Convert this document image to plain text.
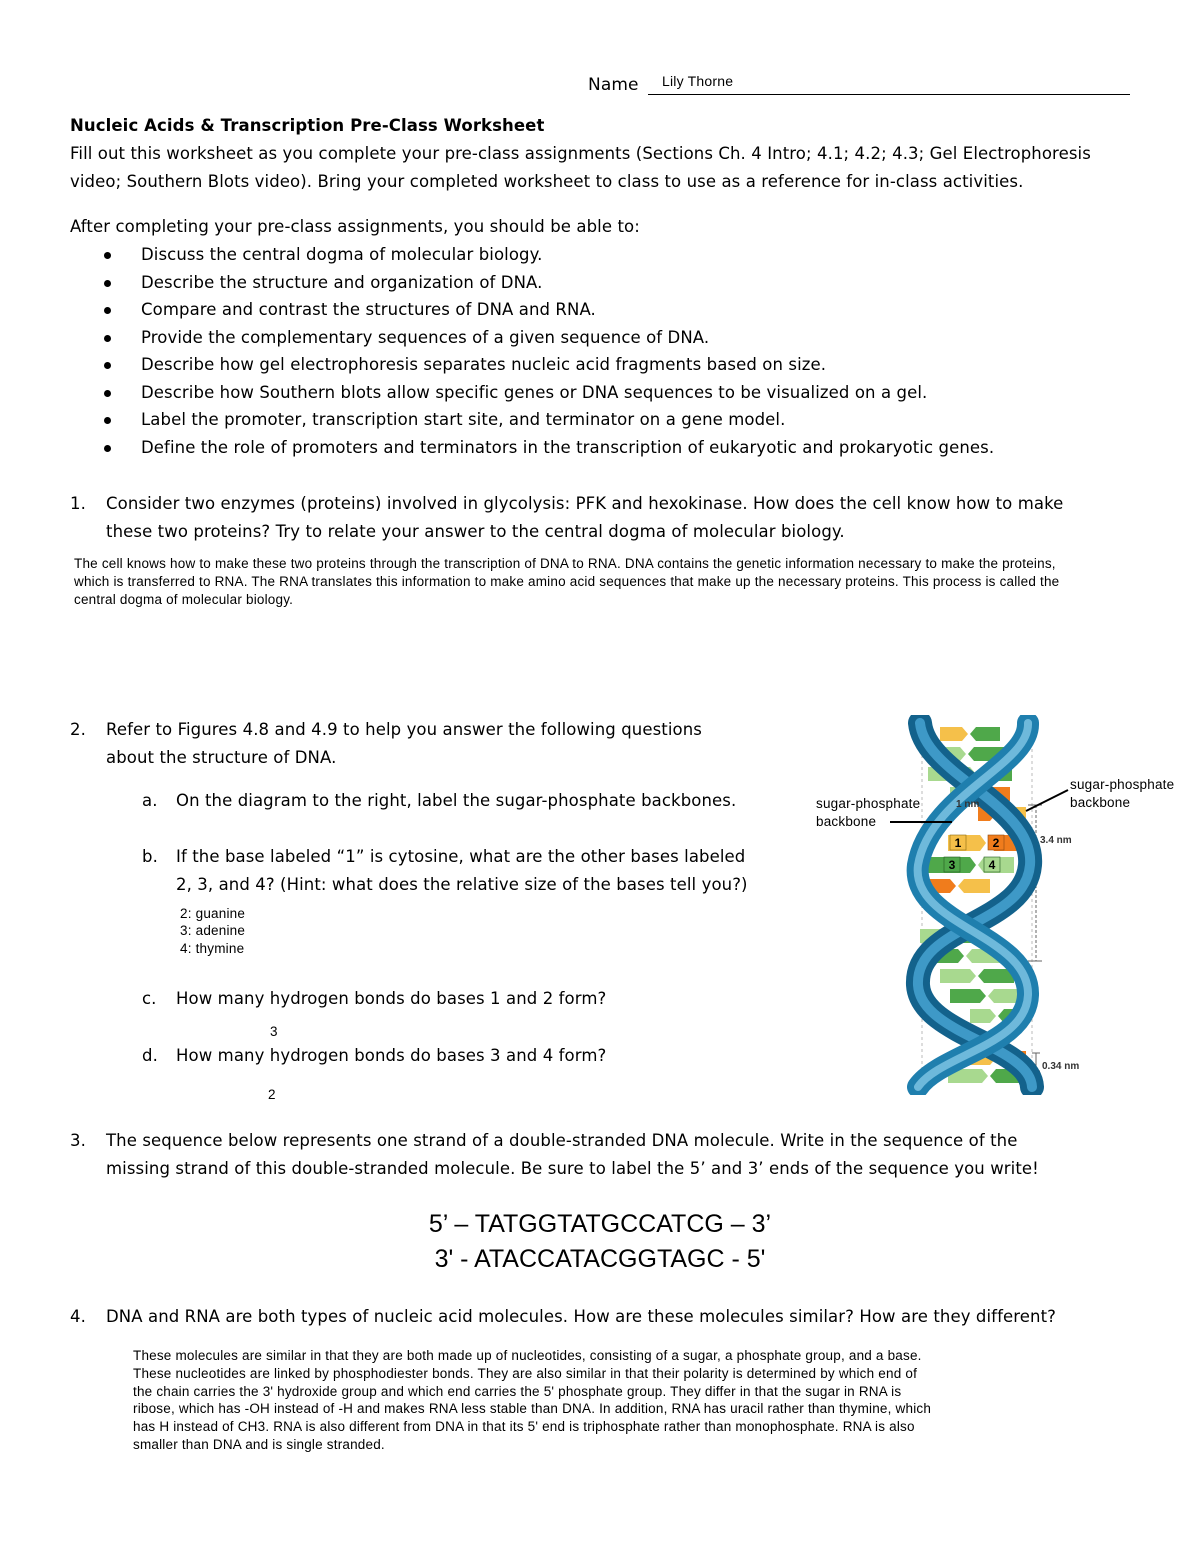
Name Lily Thorne
Nucleic Acids & Transcription Pre-Class Worksheet
Fill out this worksheet as you complete your pre-class assignments (Sections Ch. 4 Intro; 4.1; 4.2; 4.3; Gel Electrophoresis
video; Southern Blots video). Bring your completed worksheet to class to use as a reference for in-class activities.
After completing your pre-class assignments, you should be able to:
Discuss the central dogma of molecular biology.
Describe the structure and organization of DNA.
Compare and contrast the structures of DNA and RNA.
Provide the complementary sequences of a given sequence of DNA.
Describe how gel electrophoresis separates nucleic acid fragments based on size.
Describe how Southern blots allow specific genes or DNA sequences to be visualized on a gel.
Label the promoter, transcription start site, and terminator on a gene model.
Define the role of promoters and terminators in the transcription of eukaryotic and prokaryotic genes.
1. Consider two enzymes (proteins) involved in glycolysis: PFK and hexokinase. How does the cell know how to make
these two proteins? Try to relate your answer to the central dogma of molecular biology.
The cell knows how to make these two proteins through the transcription of DNA to RNA. DNA contains the genetic information necessary to make the proteins,
which is transferred to RNA. The RNA translates this information to make amino acid sequences that make up the necessary proteins. This process is called the
central dogma of molecular biology.
2. Refer to Figures 4.8 and 4.9 to help you answer the following questions
about the structure of DNA.
a. On the diagram to the right, label the sugar-phosphate backbones.
b. If the base labeled “1” is cytosine, what are the other bases labeled
2, 3, and 4? (Hint: what does the relative size of the bases tell you?)
2: guanine
3: adenine
4: thymine
c. How many hydrogen bonds do bases 1 and 2 form?
3
d. How many hydrogen bonds do bases 3 and 4 form?
2
1	2
3	4
1 nm
3.4 nm
0.34 nm
sugar-phosphate
backbone
sugar-phosphate
backbone
3. The sequence below represents one strand of a double-stranded DNA molecule. Write in the sequence of the
missing strand of this double-stranded molecule. Be sure to label the 5’ and 3’ ends of the sequence you write!
5’ – TATGGTATGCCATCG – 3’
3' - ATACCATACGGTAGC - 5'
4. DNA and RNA are both types of nucleic acid molecules. How are these molecules similar? How are they different?
These molecules are similar in that they are both made up of nucleotides, consisting of a sugar, a phosphate group, and a base.
These nucleotides are linked by phosphodiester bonds. They are also similar in that their polarity is determined by which end of
the chain carries the 3' hydroxide group and which end carries the 5' phosphate group. They differ in that the sugar in RNA is
ribose, which has -OH instead of -H and makes RNA less stable than DNA. In addition, RNA has uracil rather than thymine, which
has H instead of CH3. RNA is also different from DNA in that its 5' end is triphosphate rather than monophosphate. RNA is also
smaller than DNA and is single stranded.
